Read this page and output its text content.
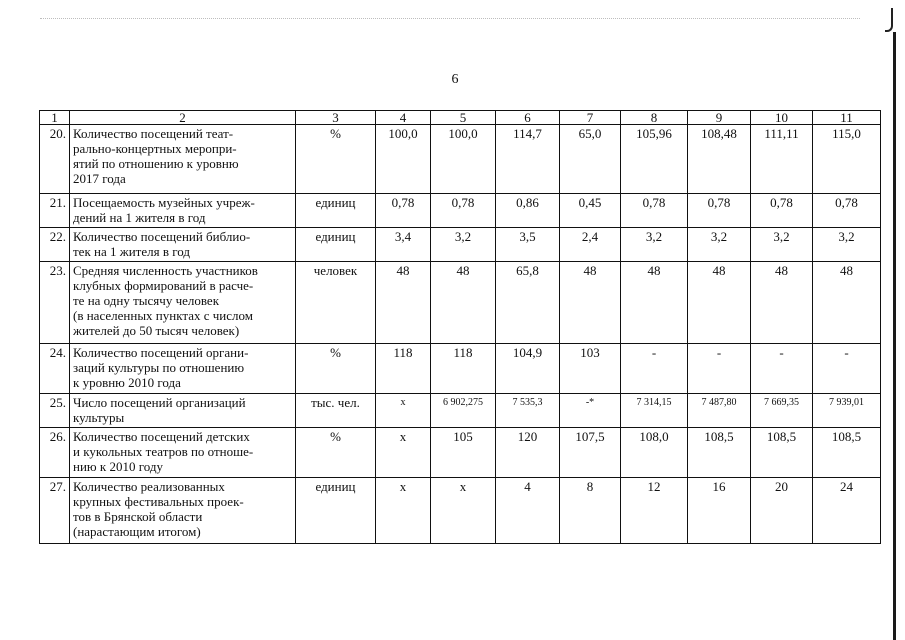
6
1	2	3	4	5	6	7	8	9	10	11
20.	Количество посещений теат-
рально-концертных меропри-
ятий по отношению к уровню
2017 года	%	100,0	100,0	114,7	65,0	105,96	108,48	111,11	115,0
21.	Посещаемость музейных учреж-
дений на 1 жителя в год	единиц	0,78	0,78	0,86	0,45	0,78	0,78	0,78	0,78
22.	Количество посещений библио-
тек на 1 жителя в год	единиц	3,4	3,2	3,5	2,4	3,2	3,2	3,2	3,2
23.	Средняя численность участников
клубных формирований в расче-
те на одну тысячу человек
(в населенных пунктах с числом
жителей до 50 тысяч человек)	человек	48	48	65,8	48	48	48	48	48
24.	Количество посещений органи-
заций культуры по отношению
к уровню 2010 года	%	118	118	104,9	103	-	-	-	-
25.	Число посещений организаций
культуры	тыс. чел.	х	6 902,275	7 535,3	-*	7 314,15	7 487,80	7 669,35	7 939,01
26.	Количество посещений детских
и кукольных театров по отноше-
нию к 2010 году	%	х	105	120	107,5	108,0	108,5	108,5	108,5
27.	Количество реализованных
крупных фестивальных проек-
тов в Брянской области
(нарастающим итогом)	единиц	х	х	4	8	12	16	20	24
